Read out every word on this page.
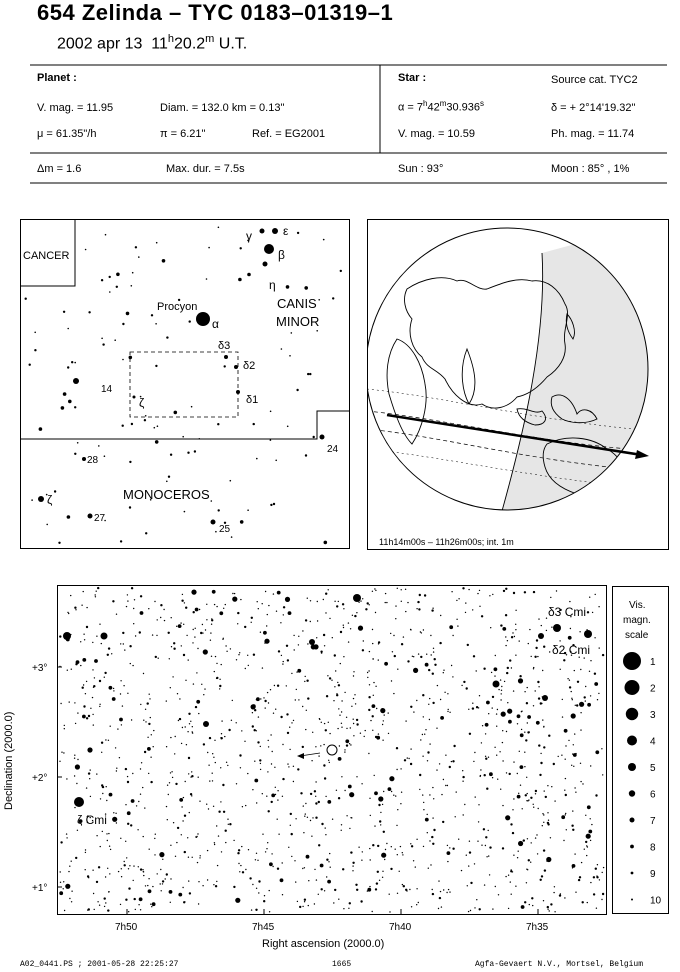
654 Zelinda – TYC 0183–01319–1
2002 apr 13 11$^h$20.2$^m$ U.T.
Planet :
V. mag. = 11.95	Diam. = 132.0 km = 0.13"
μ = 61.35"/h	π = 6.21"	Ref. = EG2001
Δm = 1.6	Max. dur. = 7.5s
Star :	Source cat. TYC2
$\alpha = 7^h42^m30.936^s$	δ = + 2°14'19.32"
V. mag. = 10.59	Ph. mag. = 11.74
Sun : 93°	Moon : 85° , 1%
CANCER
CANIS
MINOR
MONOCEROS
Procyon
α
β
γ	ε
η
δ3
δ2
δ1
ζ
14
ζ
28
27
25
24
11h14m00s – 11h26m00s; int. 1m
7h50	7h45	7h40	7h35
+3°
+2°
+1°
Right ascension (2000.0)
Declination (2000.0)
δ3 Cmi
δ2 Cmi
ζ Cmi
Vis.
magn.
scale
1
2
3
4
5
6
7
8
9
10
A02_0441.PS ; 2001-05-28 22:25:27	1665	Agfa-Gevaert N.V., Mortsel, Belgium
